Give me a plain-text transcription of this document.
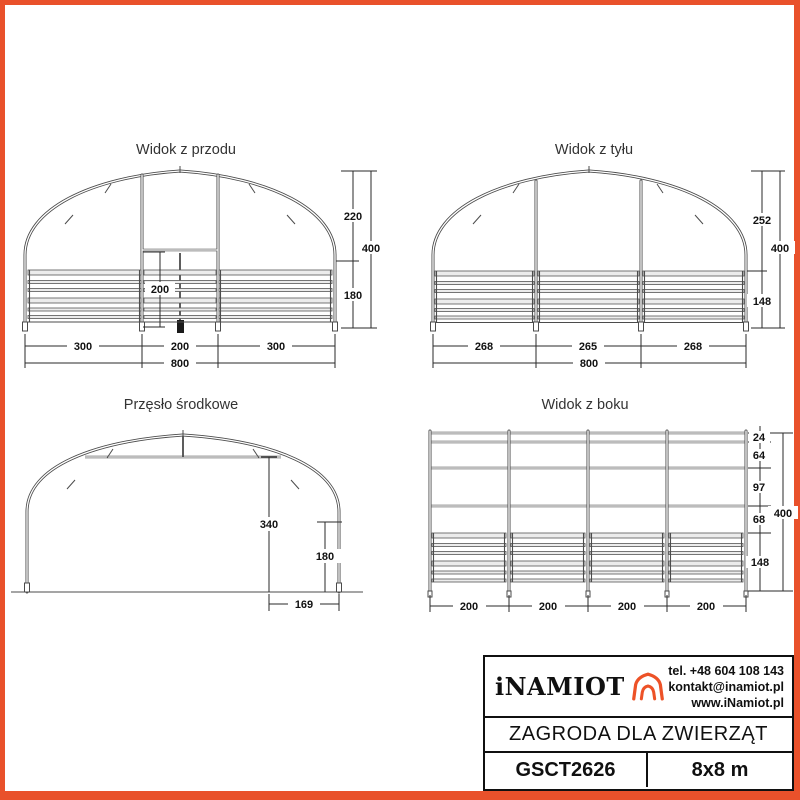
Widok z przodu
220
400
180
200
300	200	300
800
Widok z tyłu
252
400
148
268	265	268
800
Przęsło środkowe
340
180
169
Widok z boku
24
64
97
68
148
400
200	200	200	200
iNAMIOT
tel. +48 604 108 143
kontakt@inamiot.pl
www.iNamiot.pl
ZAGRODA DLA ZWIERZĄT
GSCT2626	8x8 m
